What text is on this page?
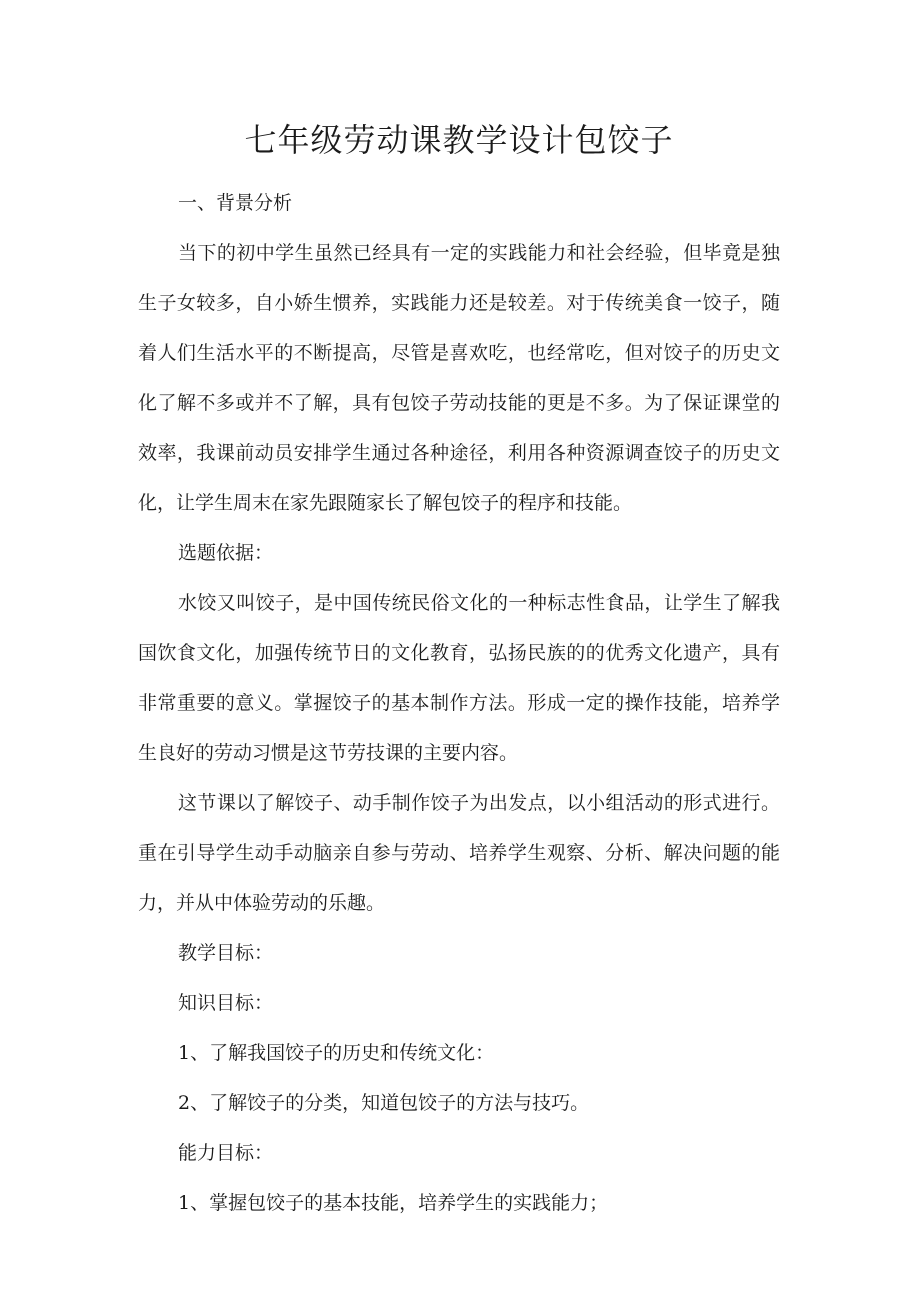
七年级劳动课教学设计包饺子

一、背景分析

当下的初中学生虽然已经具有一定的实践能力和社会经验，但毕竟是独生子女较多，自小娇生惯养，实践能力还是较差。对于传统美食一饺子，随着人们生活水平的不断提高，尽管是喜欢吃，也经常吃，但对饺子的历史文化了解不多或并不了解，具有包饺子劳动技能的更是不多。为了保证课堂的效率，我课前动员安排学生通过各种途径，利用各种资源调查饺子的历史文化，让学生周末在家先跟随家长了解包饺子的程序和技能。

选题依据：

水饺又叫饺子，是中国传统民俗文化的一种标志性食品，让学生了解我国饮食文化，加强传统节日的文化教育，弘扬民族的的优秀文化遗产，具有非常重要的意义。掌握饺子的基本制作方法。形成一定的操作技能，培养学生良好的劳动习惯是这节劳技课的主要内容。

这节课以了解饺子、动手制作饺子为出发点，以小组活动的形式进行。重在引导学生动手动脑亲自参与劳动、培养学生观察、分析、解决问题的能力，并从中体验劳动的乐趣。

教学目标：

知识目标：

1、了解我国饺子的历史和传统文化：

2、了解饺子的分类，知道包饺子的方法与技巧。

能力目标：

1、掌握包饺子的基本技能，培养学生的实践能力；
